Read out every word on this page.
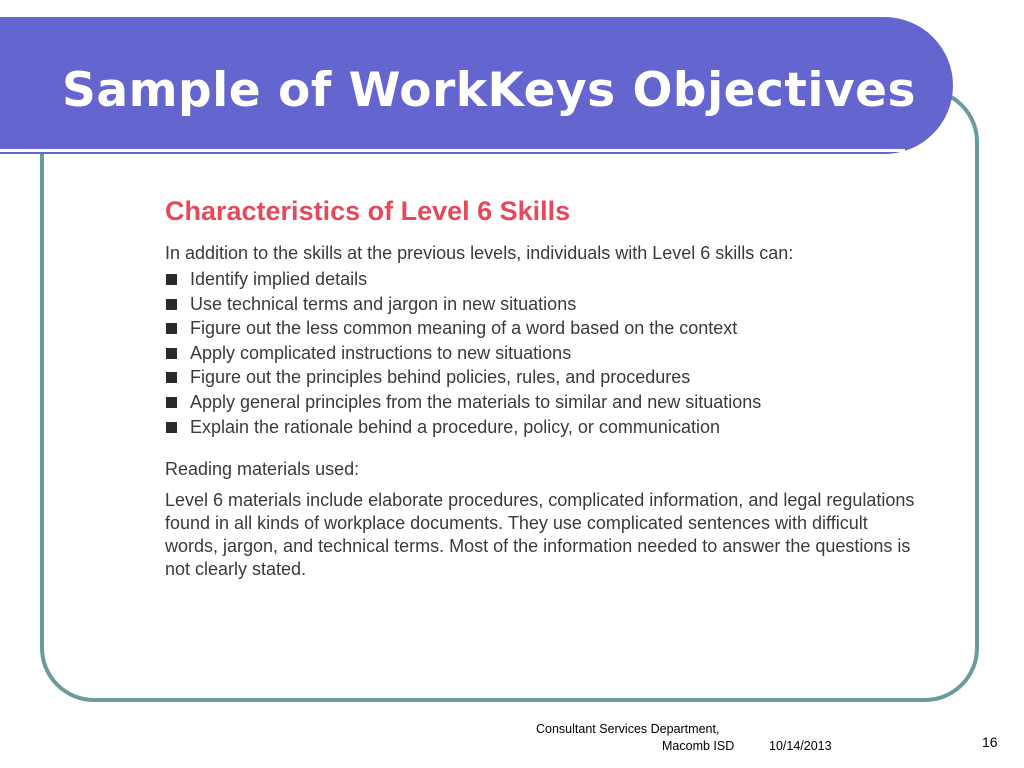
Sample of WorkKeys Objectives
Characteristics of Level 6 Skills
In addition to the skills at the previous levels, individuals with Level 6 skills can:
Identify implied details
Use technical terms and jargon in new situations
Figure out the less common meaning of a word based on the context
Apply complicated instructions to new situations
Figure out the principles behind policies, rules, and procedures
Apply general principles from the materials to similar and new situations
Explain the rationale behind a procedure, policy, or communication
Reading materials used:

Level 6 materials include elaborate procedures, complicated information, and legal regulations found in all kinds of workplace documents. They use complicated sentences with difficult words, jargon, and technical terms. Most of the information needed to answer the questions is not clearly stated.

Consultant Services Department,
Macomb ISD	10/14/2013	16
